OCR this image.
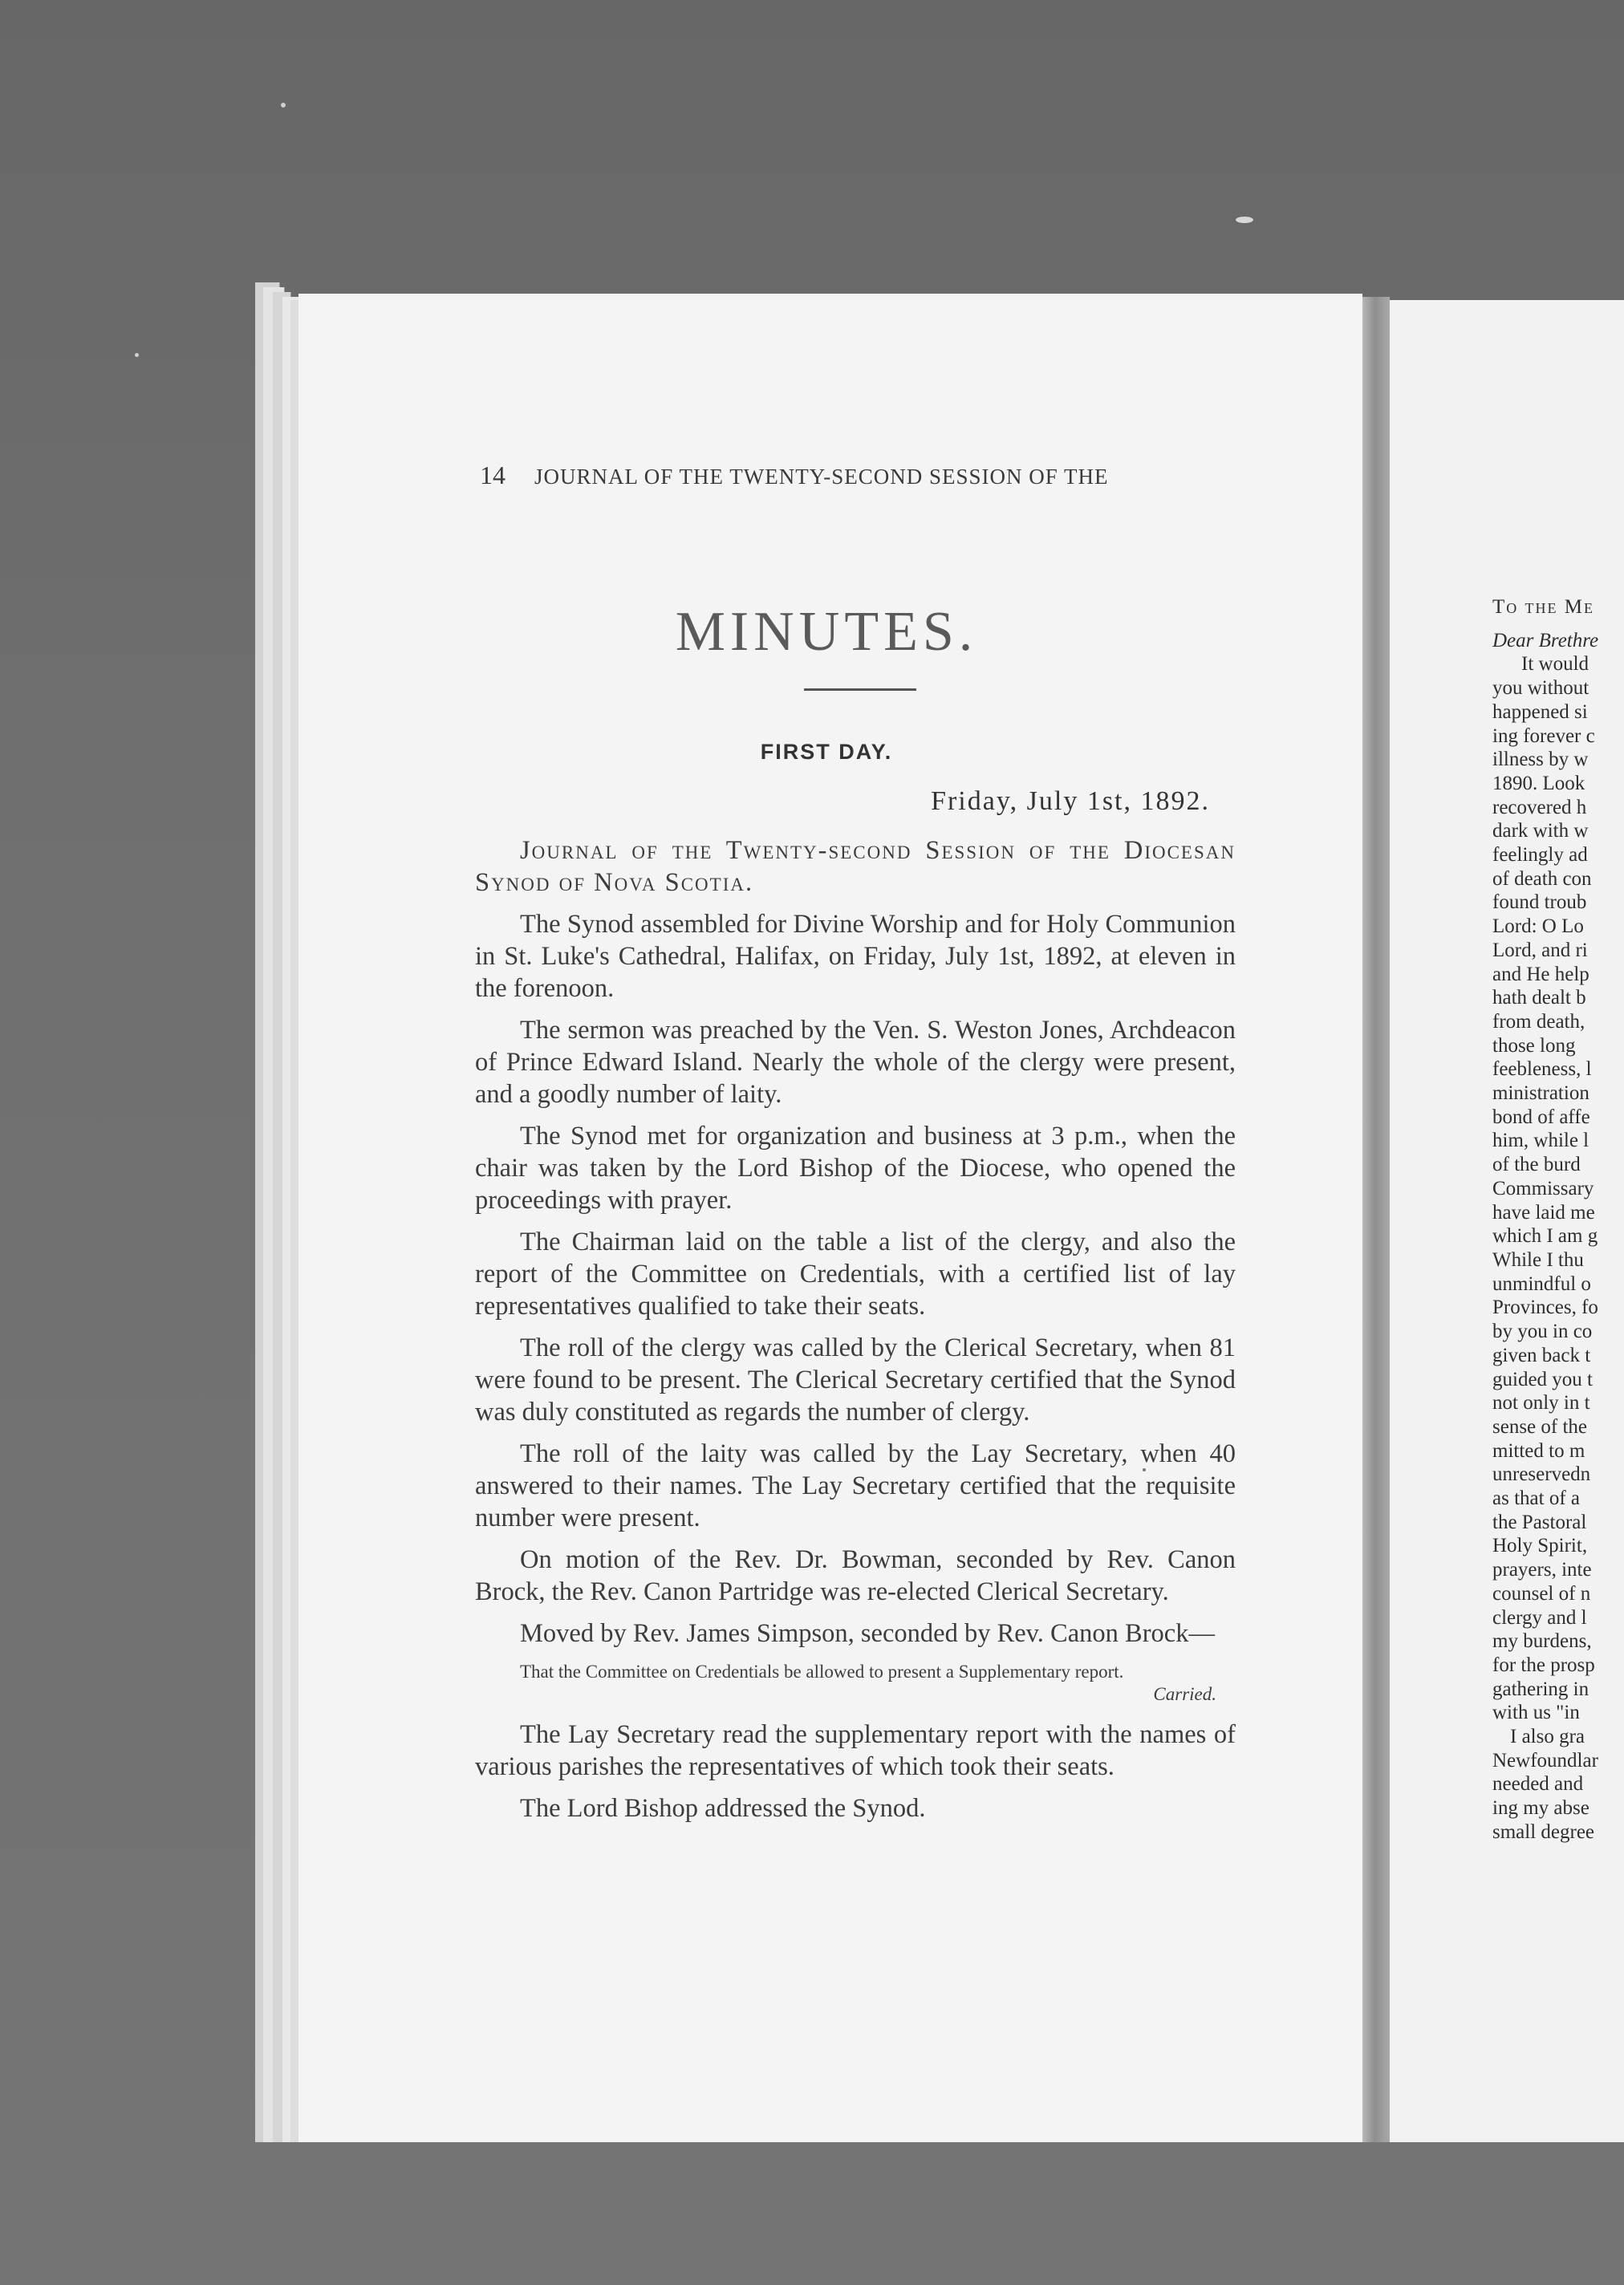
14 JOURNAL OF THE TWENTY-SECOND SESSION OF THE
MINUTES.
FIRST DAY.
Friday, July 1st, 1892.

Journal of the Twenty-second Session of the Diocesan Synod of Nova Scotia.

The Synod assembled for Divine Worship and for Holy Communion in St. Luke's Cathedral, Halifax, on Friday, July 1st, 1892, at eleven in the forenoon.

The sermon was preached by the Ven. S. Weston Jones, Archdeacon of Prince Edward Island. Nearly the whole of the clergy were present, and a goodly number of laity.

The Synod met for organization and business at 3 p.m., when the chair was taken by the Lord Bishop of the Diocese, who opened the proceedings with prayer.

The Chairman laid on the table a list of the clergy, and also the report of the Committee on Credentials, with a certified list of lay representatives qualified to take their seats.

The roll of the clergy was called by the Clerical Secretary, when 81 were found to be present. The Clerical Secretary certified that the Synod was duly constituted as regards the number of clergy.

The roll of the laity was called by the Lay Secretary, when 40 answered to their names. The Lay Secretary certified that the requisite number were present.

On motion of the Rev. Dr. Bowman, seconded by Rev. Canon Brock, the Rev. Canon Partridge was re-elected Clerical Secretary.

Moved by Rev. James Simpson, seconded by Rev. Canon Brock—

That the Committee on Credentials be allowed to present a Supplementary report.
Carried.

The Lay Secretary read the supplementary report with the names of various parishes the representatives of which took their seats.

The Lord Bishop addressed the Synod.

To the Me
Dear Brethre
It would
you without
happened si
ing forever c
illness by w
1890. Look
recovered h
dark with w
feelingly ad
of death con
found troub
Lord: O Lo
Lord, and ri
and He help
hath dealt b
from death,
those long
feebleness, l
ministration
bond of affe
him, while l
of the burd
Commissary
have laid me
which I am g
While I thu
unmindful o
Provinces, fo
by you in co
given back t
guided you t
not only in t
sense of the
mitted to m
unreservedn
as that of a
the Pastoral
Holy Spirit,
prayers, inte
counsel of n
clergy and l
my burdens,
for the prosp
gathering in
with us "in
I also gra
Newfoundlar
needed and
ing my abse
small degree
